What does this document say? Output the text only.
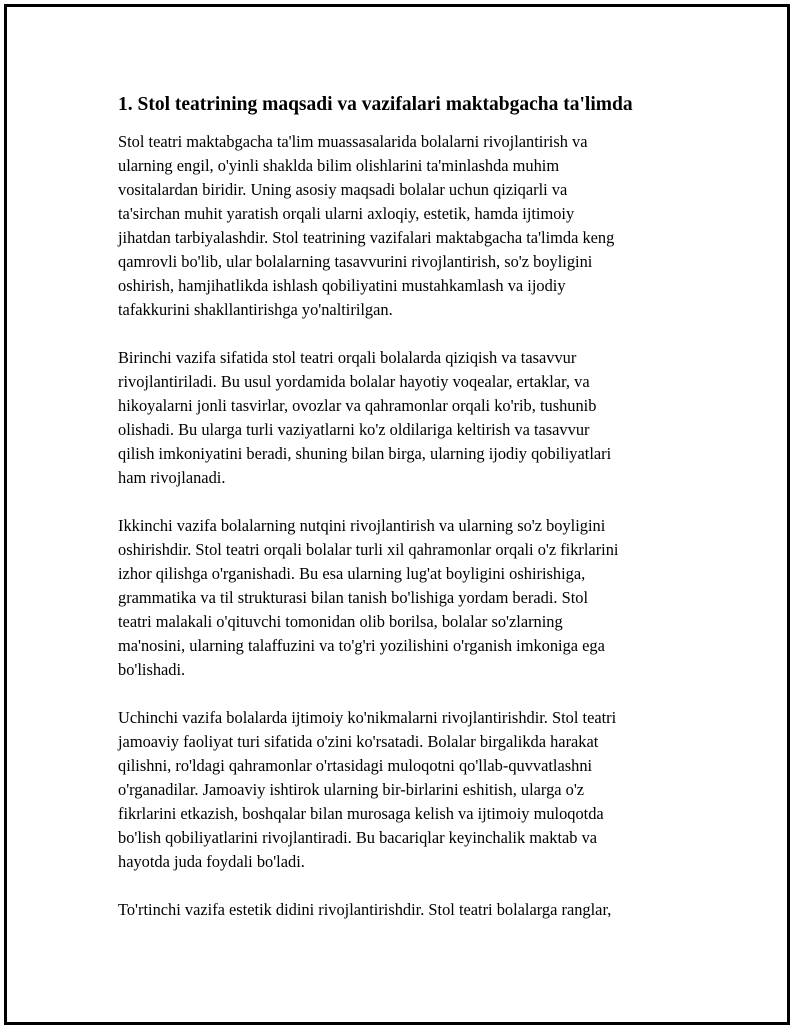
1. Stol teatrining maqsadi va vazifalari maktabgacha ta'limda

Stol teatri maktabgacha ta'lim muassasalarida bolalarni rivojlantirish va
ularning engil, o'yinli shaklda bilim olishlarini ta'minlashda muhim
vositalardan biridir. Uning asosiy maqsadi bolalar uchun qiziqarli va
ta'sirchan muhit yaratish orqali ularni axloqiy, estetik, hamda ijtimoiy
jihatdan tarbiyalashdir. Stol teatrining vazifalari maktabgacha ta'limda keng
qamrovli bo'lib, ular bolalarning tasavvurini rivojlantirish, so'z boyligini
oshirish, hamjihatlikda ishlash qobiliyatini mustahkamlash va ijodiy
tafakkurini shakllantirishga yo'naltirilgan.

Birinchi vazifa sifatida stol teatri orqali bolalarda qiziqish va tasavvur
rivojlantiriladi. Bu usul yordamida bolalar hayotiy voqealar, ertaklar, va
hikoyalarni jonli tasvirlar, ovozlar va qahramonlar orqali ko'rib, tushunib
olishadi. Bu ularga turli vaziyatlarni ko'z oldilariga keltirish va tasavvur
qilish imkoniyatini beradi, shuning bilan birga, ularning ijodiy qobiliyatlari
ham rivojlanadi.

Ikkinchi vazifa bolalarning nutqini rivojlantirish va ularning so'z boyligini
oshirishdir. Stol teatri orqali bolalar turli xil qahramonlar orqali o'z fikrlarini
izhor qilishga o'rganishadi. Bu esa ularning lug'at boyligini oshirishiga,
grammatika va til strukturasi bilan tanish bo'lishiga yordam beradi. Stol
teatri malakali o'qituvchi tomonidan olib borilsa, bolalar so'zlarning
ma'nosini, ularning talaffuzini va to'g'ri yozilishini o'rganish imkoniga ega
bo'lishadi.

Uchinchi vazifa bolalarda ijtimoiy ko'nikmalarni rivojlantirishdir. Stol teatri
jamoaviy faoliyat turi sifatida o'zini ko'rsatadi. Bolalar birgalikda harakat
qilishni, ro'ldagi qahramonlar o'rtasidagi muloqotni qo'llab-quvvatlashni
o'rganadilar. Jamoaviy ishtirok ularning bir-birlarini eshitish, ularga o'z
fikrlarini etkazish, boshqalar bilan murosaga kelish va ijtimoiy muloqotda
bo'lish qobiliyatlarini rivojlantiradi. Bu bacariqlar keyinchalik maktab va
hayotda juda foydali bo'ladi.

To'rtinchi vazifa estetik didini rivojlantirishdir. Stol teatri bolalarga ranglar,
